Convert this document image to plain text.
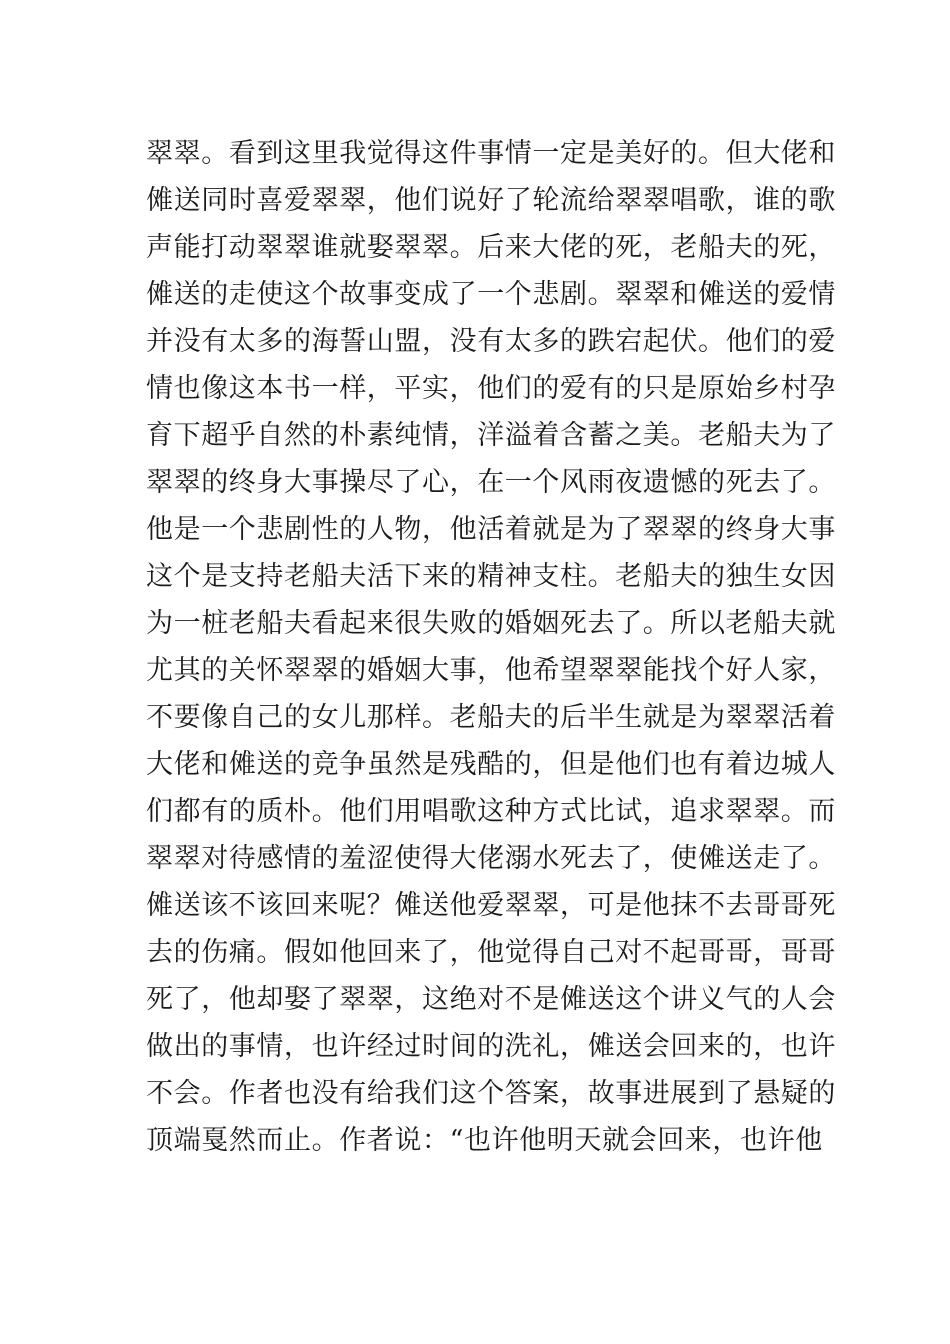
翠翠。看到这里我觉得这件事情一定是美好的。但大佬和
傩送同时喜爱翠翠，他们说好了轮流给翠翠唱歌，谁的歌
声能打动翠翠谁就娶翠翠。后来大佬的死，老船夫的死，
傩送的走使这个故事变成了一个悲剧。翠翠和傩送的爱情
并没有太多的海誓山盟，没有太多的跌宕起伏。他们的爱
情也像这本书一样，平实，他们的爱有的只是原始乡村孕
育下超乎自然的朴素纯情，洋溢着含蓄之美。老船夫为了
翠翠的终身大事操尽了心，在一个风雨夜遗憾的死去了。
他是一个悲剧性的人物，他活着就是为了翠翠的终身大事
这个是支持老船夫活下来的精神支柱。老船夫的独生女因
为一桩老船夫看起来很失败的婚姻死去了。所以老船夫就
尤其的关怀翠翠的婚姻大事，他希望翠翠能找个好人家，
不要像自己的女儿那样。老船夫的后半生就是为翠翠活着
大佬和傩送的竞争虽然是残酷的，但是他们也有着边城人
们都有的质朴。他们用唱歌这种方式比试，追求翠翠。而
翠翠对待感情的羞涩使得大佬溺水死去了，使傩送走了。
傩送该不该回来呢？傩送他爱翠翠，可是他抹不去哥哥死
去的伤痛。假如他回来了，他觉得自己对不起哥哥，哥哥
死了，他却娶了翠翠，这绝对不是傩送这个讲义气的人会
做出的事情，也许经过时间的洗礼，傩送会回来的，也许
不会。作者也没有给我们这个答案，故事进展到了悬疑的
顶端戛然而止。作者说：“也许他明天就会回来，也许他
